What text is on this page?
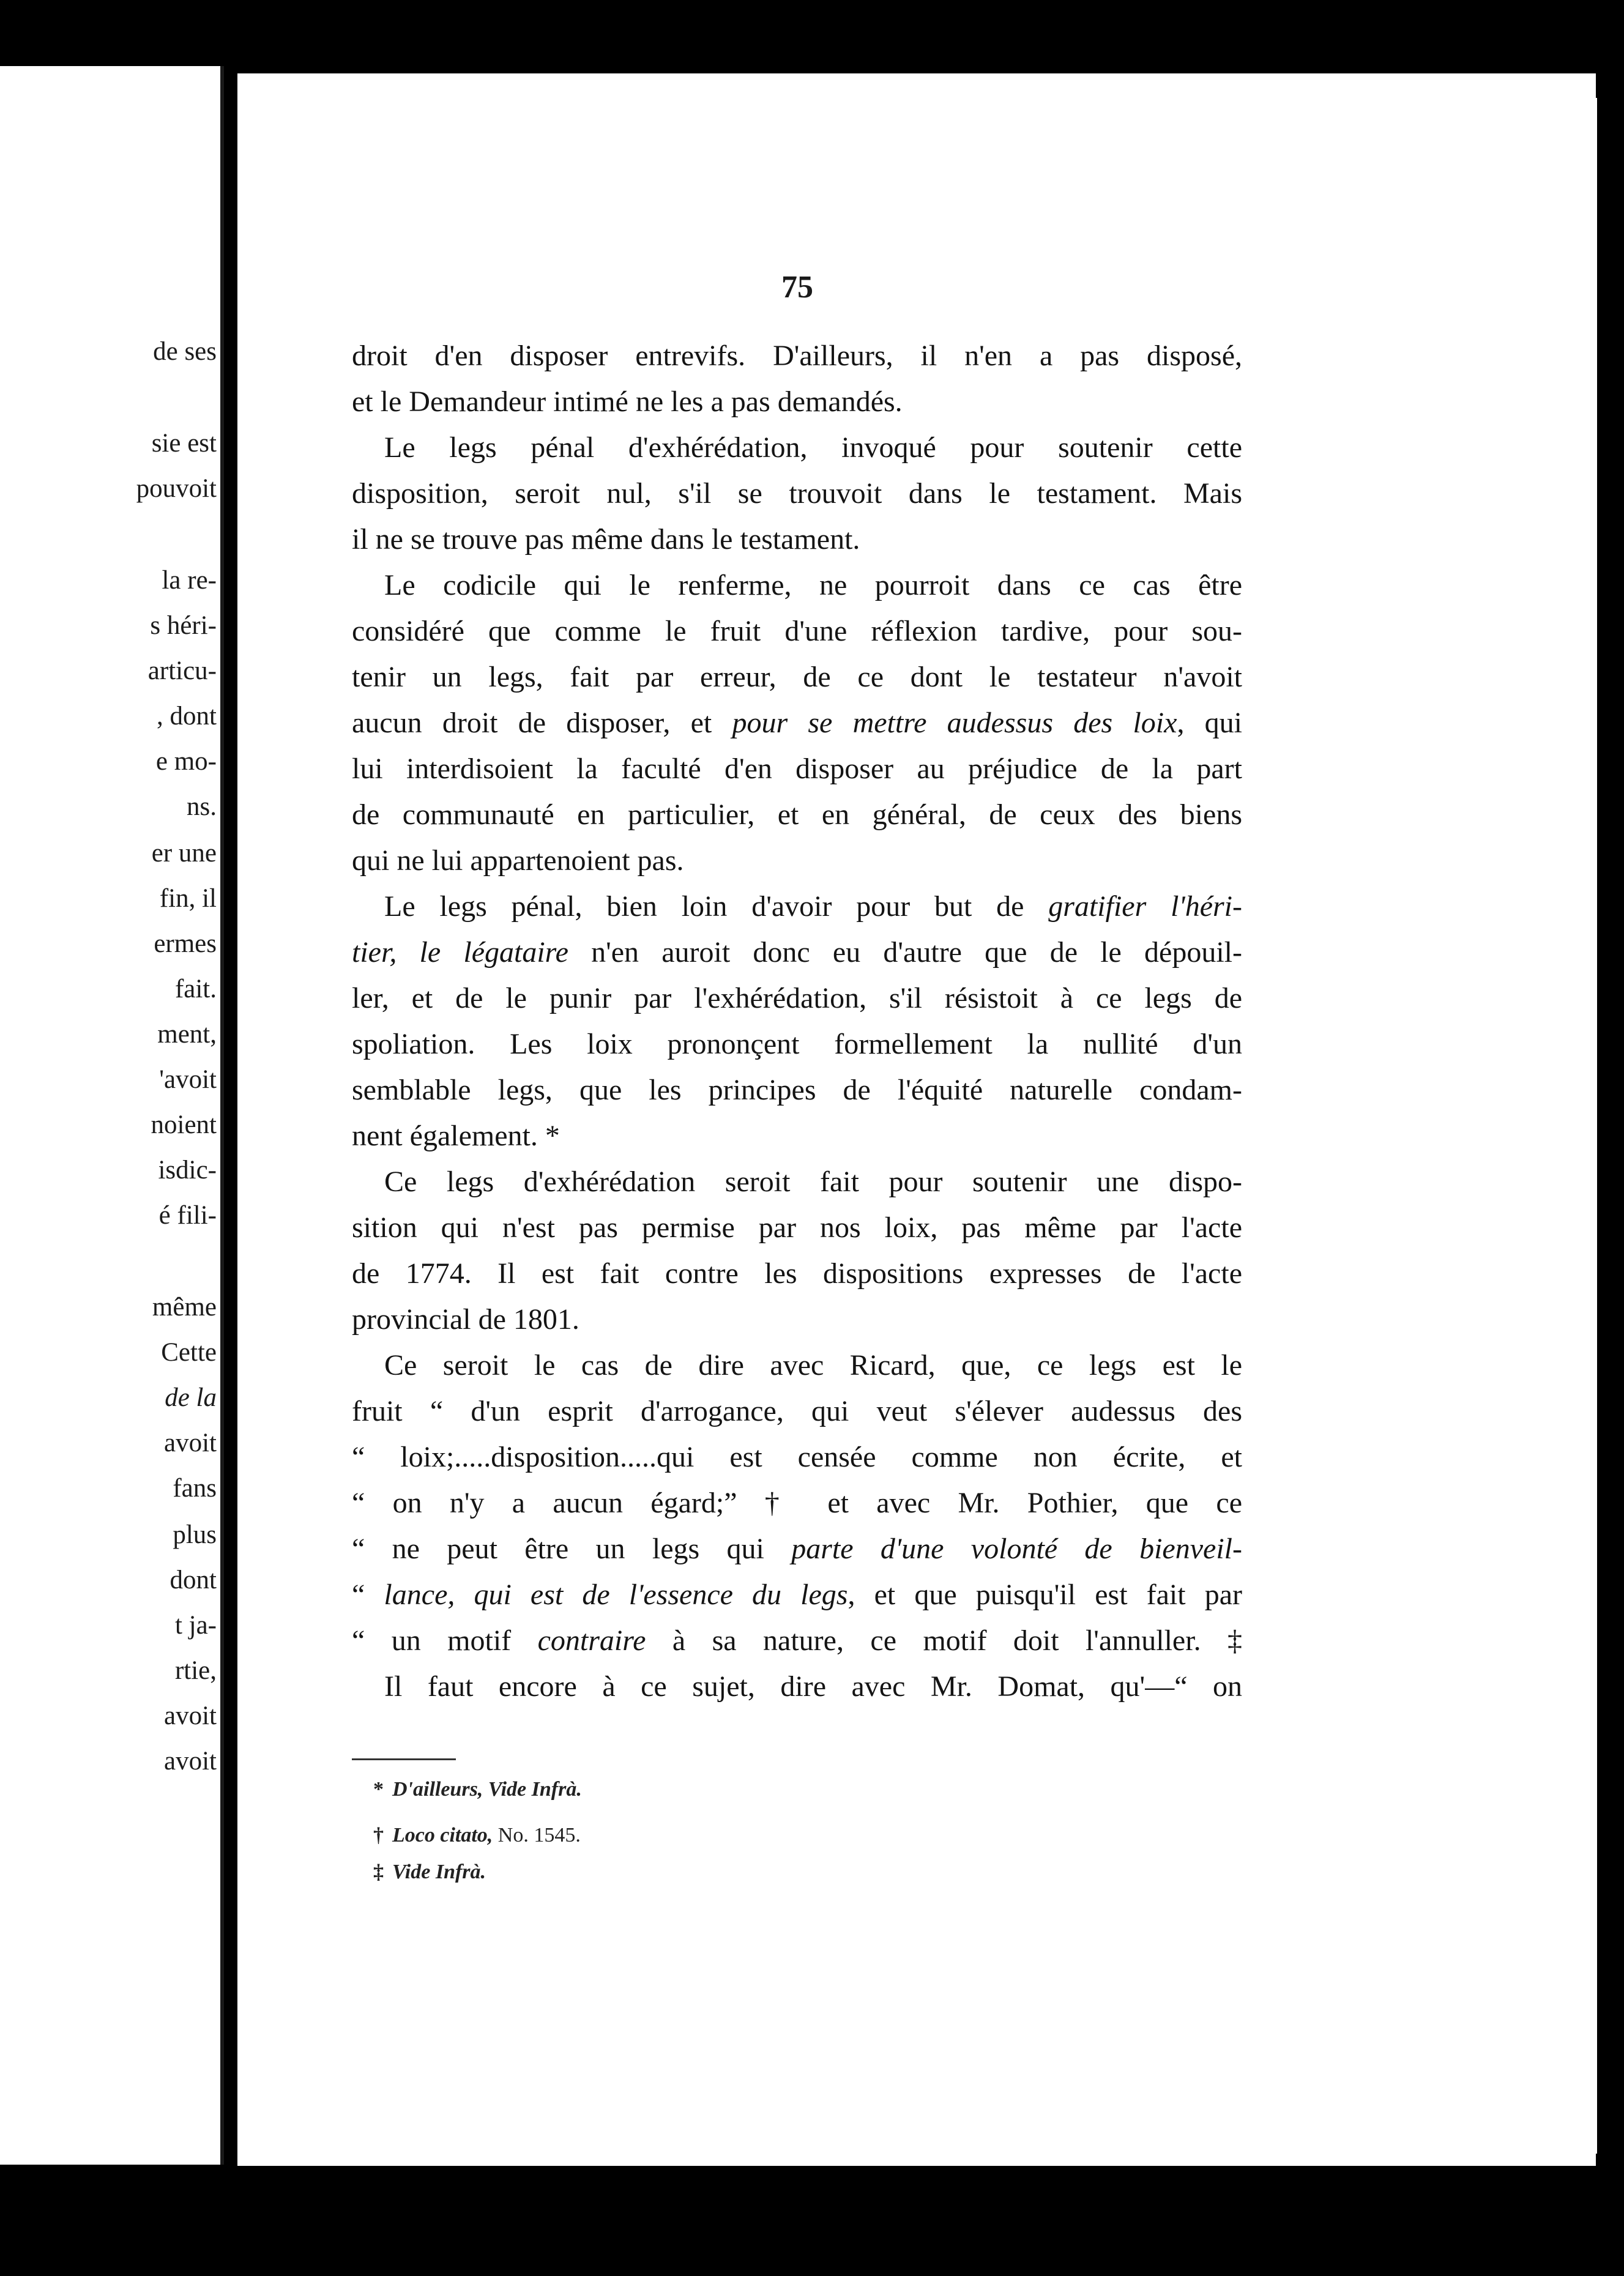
de ses
sie est
pouvoit
la re-
s héri-
articu-
, dont
e mo-
ns.
er une
fin, il
ermes
fait.
ment,
'avoit
noient
isdic-
é fili-
même
Cette
de la
avoit
fans
plus
dont
t ja-
rtie,
avoit
avoit
75
droit d'en disposer entrevifs. D'ailleurs, il n'en a pas disposé,
et le Demandeur intimé ne les a pas demandés.
Le legs pénal d'exhérédation, invoqué pour soutenir cette
disposition, seroit nul, s'il se trouvoit dans le testament. Mais
il ne se trouve pas même dans le testament.
Le codicile qui le renferme, ne pourroit dans ce cas être
considéré que comme le fruit d'une réflexion tardive, pour sou-
tenir un legs, fait par erreur, de ce dont le testateur n'avoit
aucun droit de disposer, et pour se mettre audessus des loix, qui
lui interdisoient la faculté d'en disposer au préjudice de la part
de communauté en particulier, et en général, de ceux des biens
qui ne lui appartenoient pas.
Le legs pénal, bien loin d'avoir pour but de gratifier l'héri-
tier, le légataire n'en auroit donc eu d'autre que de le dépouil-
ler, et de le punir par l'exhérédation, s'il résistoit à ce legs de
spoliation. Les loix prononçent formellement la nullité d'un
semblable legs, que les principes de l'équité naturelle condam-
nent également. *
Ce legs d'exhérédation seroit fait pour soutenir une dispo-
sition qui n'est pas permise par nos loix, pas même par l'acte
de 1774. Il est fait contre les dispositions expresses de l'acte
provincial de 1801.
Ce seroit le cas de dire avec Ricard, que, ce legs est le
fruit “ d'un esprit d'arrogance, qui veut s'élever audessus des
“ loix;.....disposition.....qui est censée comme non écrite, et
“ on n'y a aucun égard;” † et avec Mr. Pothier, que ce
“ ne peut être un legs qui parte d'une volonté de bienveil-
“ lance, qui est de l'essence du legs, et que puisqu'il est fait par
“ un motif contraire à sa nature, ce motif doit l'annuller. ‡
Il faut encore à ce sujet, dire avec Mr. Domat, qu'—“ on
* D'ailleurs, Vide Infrà.
† Loco citato, No. 1545.
‡ Vide Infrà.
